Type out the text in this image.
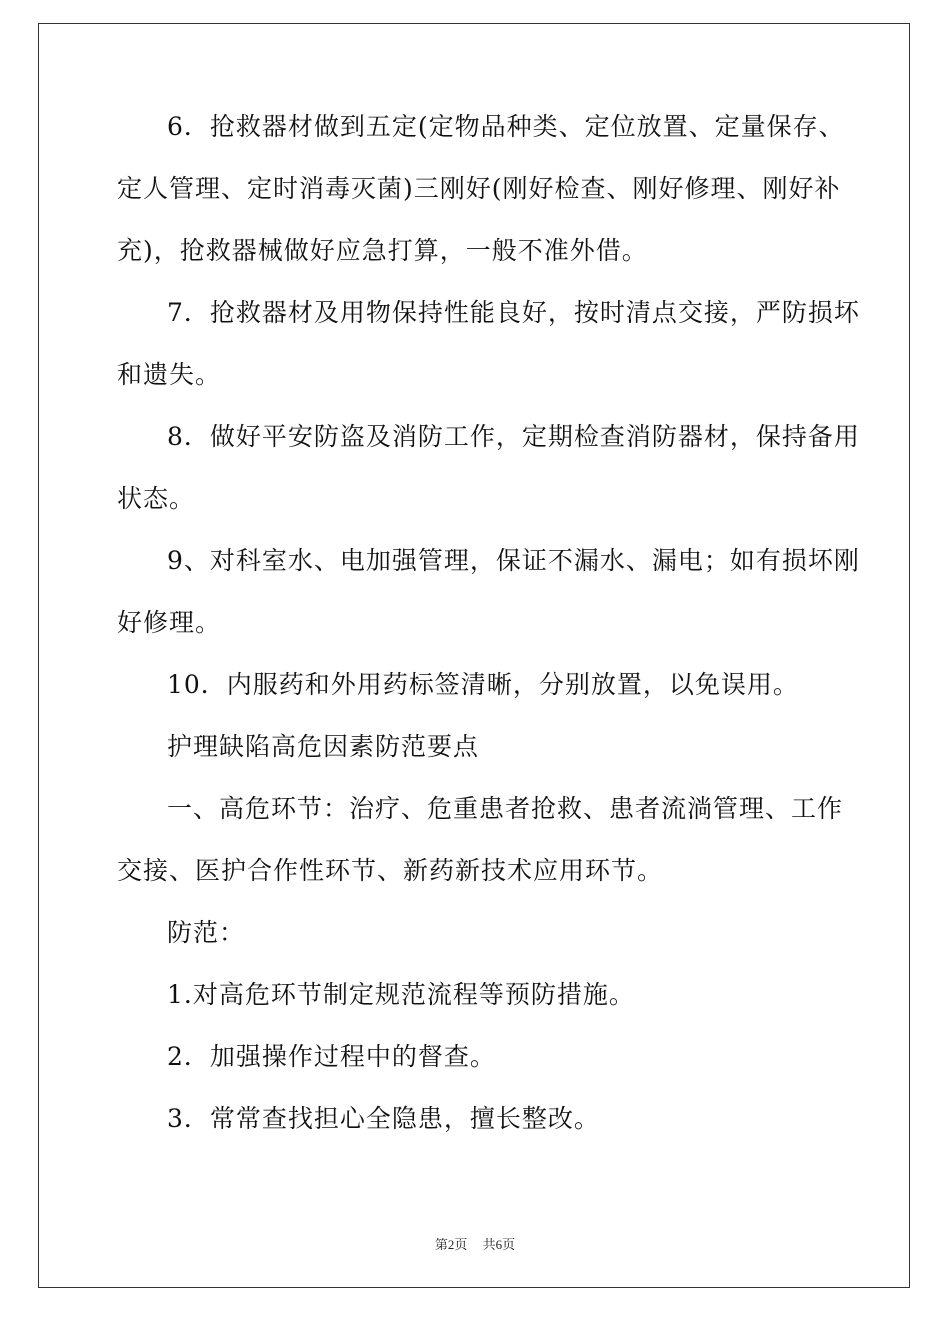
6．抢救器材做到五定(定物品种类、定位放置、定量保存、

定人管理、定时消毒灭菌)三刚好(刚好检查、刚好修理、刚好补

充)，抢救器械做好应急打算，一般不准外借。

7．抢救器材及用物保持性能良好，按时清点交接，严防损坏

和遗失。

8．做好平安防盗及消防工作，定期检查消防器材，保持备用

状态。

9、对科室水、电加强管理，保证不漏水、漏电；如有损坏刚

好修理。

10．内服药和外用药标签清晰，分别放置，以免误用。

护理缺陷高危因素防范要点

一、高危环节：治疗、危重患者抢救、患者流淌管理、工作

交接、医护合作性环节、新药新技术应用环节。

防范：

1.对高危环节制定规范流程等预防措施。

2．加强操作过程中的督查。

3．常常查找担心全隐患，擅长整改。

第2页 共6页
